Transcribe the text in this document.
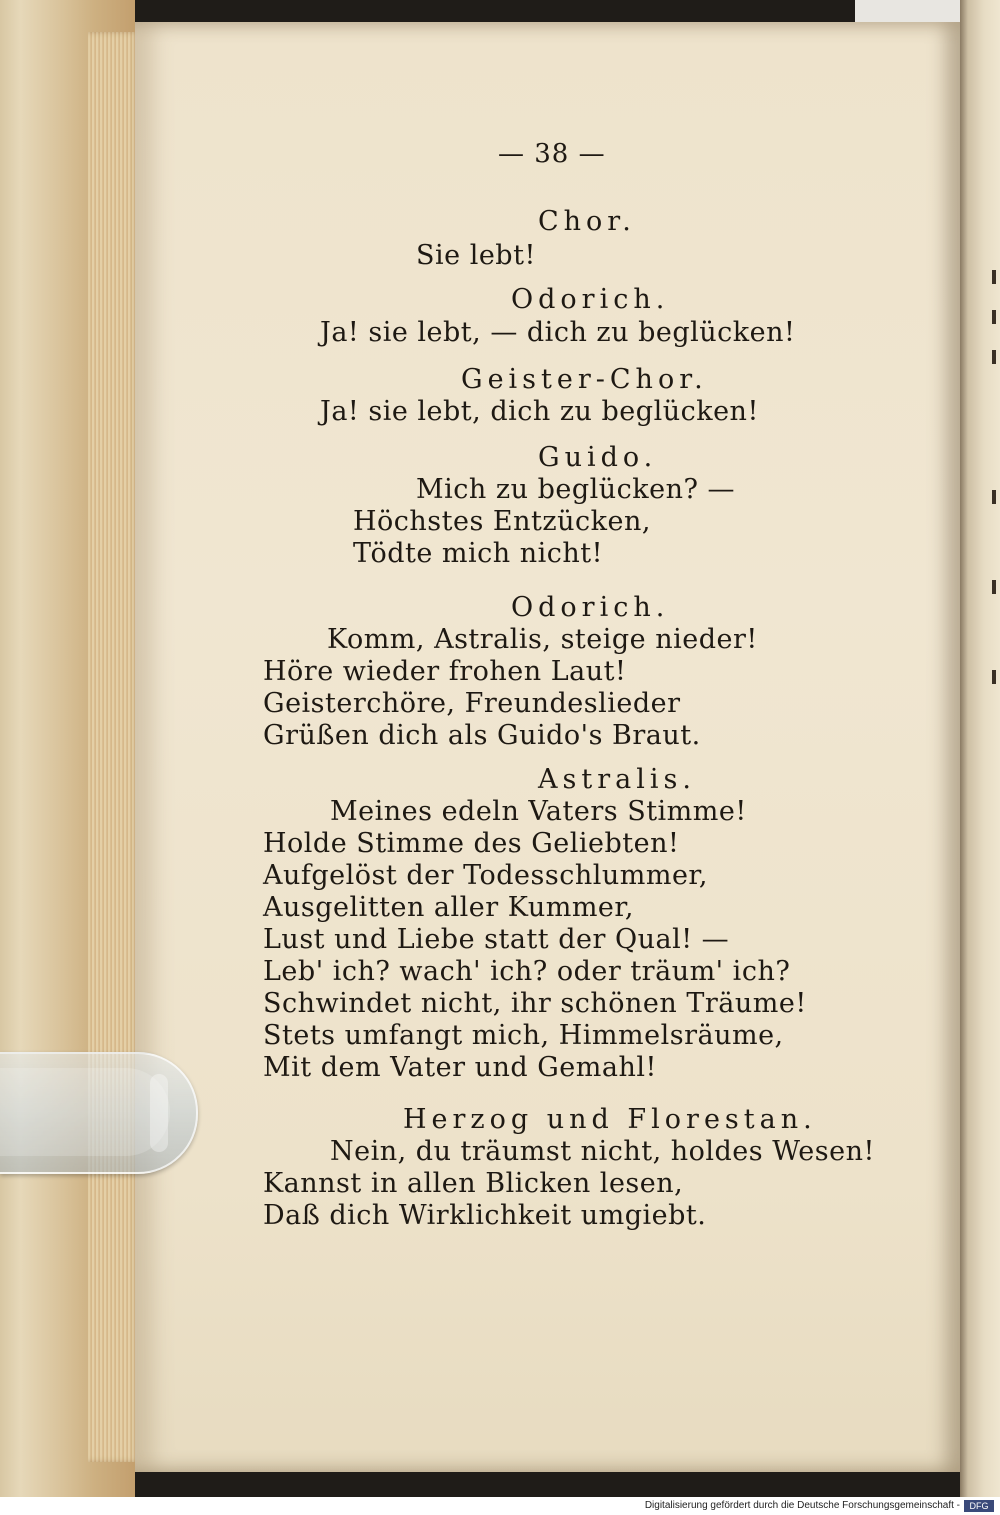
— 38 —
Chor.
Sie lebt!
Odorich.
Ja! sie lebt, — dich zu beglücken!
Geister-Chor.
Ja! sie lebt, dich zu beglücken!
Guido.
Mich zu beglücken? —
Höchstes Entzücken,
Tödte mich nicht!
Odorich.
Komm, Astralis, steige nieder!
Höre wieder frohen Laut!
Geisterchöre, Freundeslieder
Grüßen dich als Guido's Braut.
Astralis.
Meines edeln Vaters Stimme!
Holde Stimme des Geliebten!
Aufgelöst der Todesschlummer,
Ausgelitten aller Kummer,
Lust und Liebe statt der Qual! —
Leb' ich? wach' ich? oder träum' ich?
Schwindet nicht, ihr schönen Träume!
Stets umfangt mich, Himmelsräume,
Mit dem Vater und Gemahl!
Herzog und Florestan.
Nein, du träumst nicht, holdes Wesen!
Kannst in allen Blicken lesen,
Daß dich Wirklichkeit umgiebt.
Digitalisierung gefördert durch die Deutsche Forschungsgemeinschaft -	DFG
